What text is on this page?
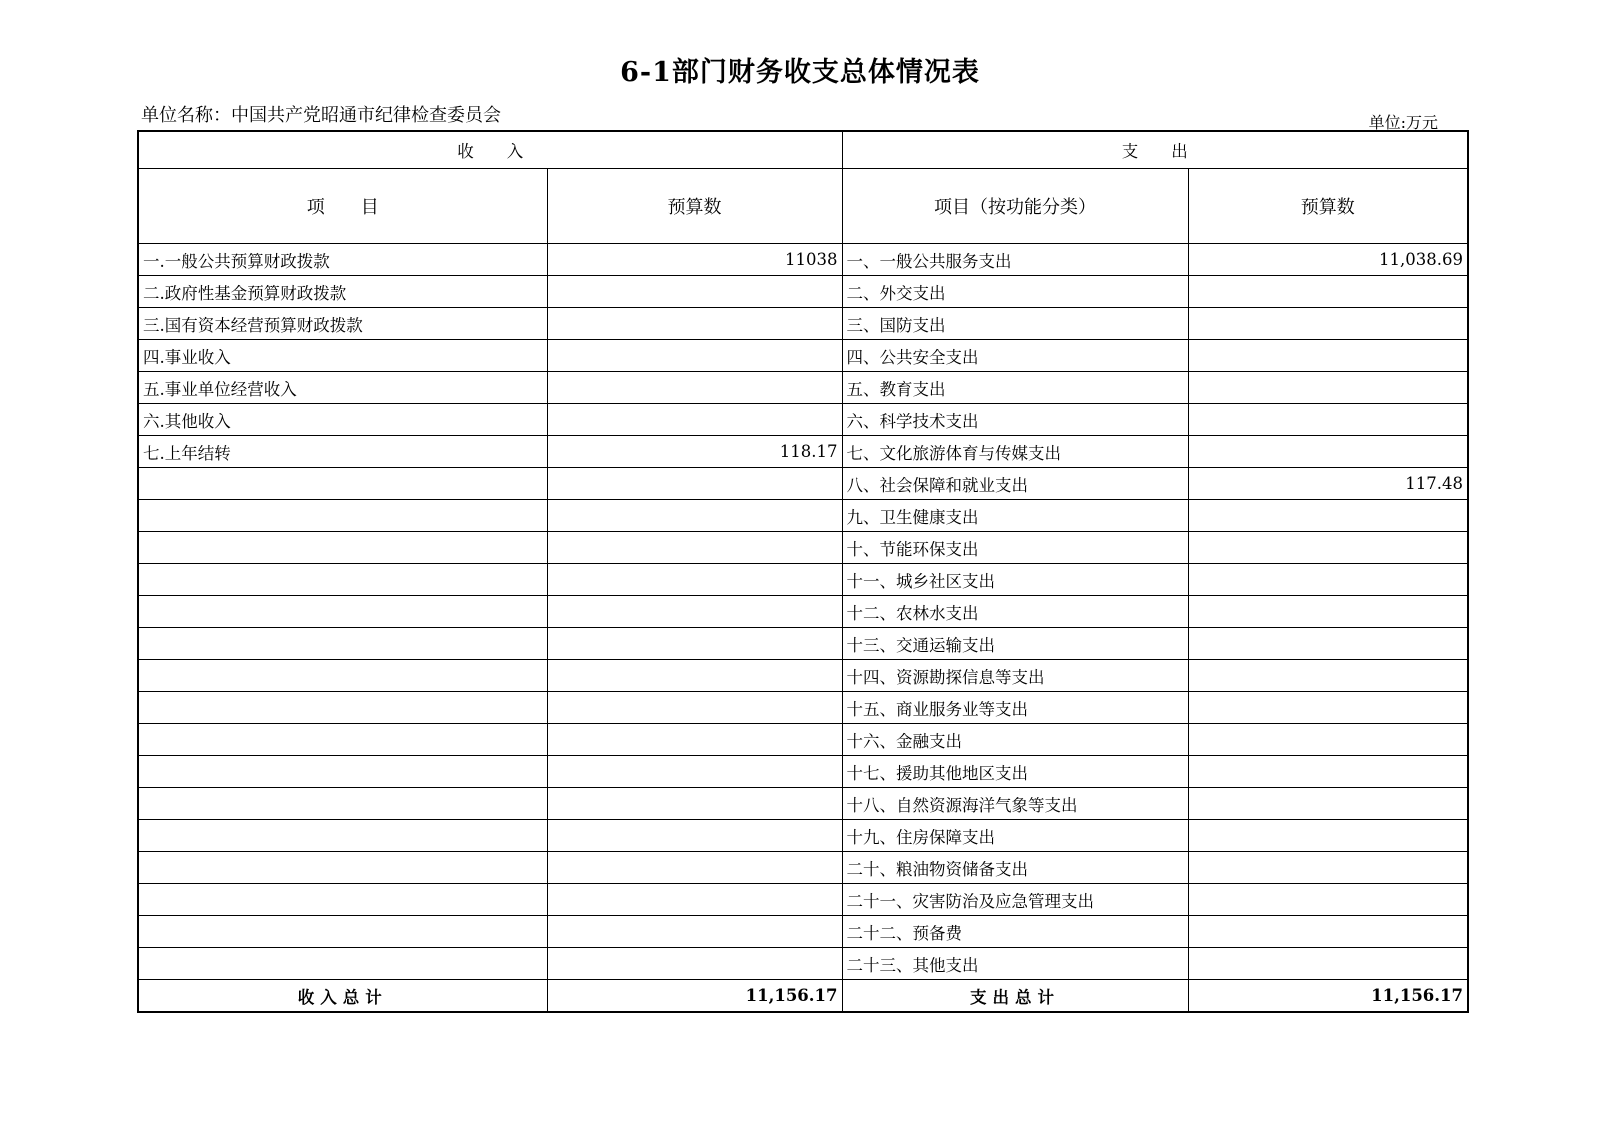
6-1部门财务收支总体情况表
单位名称：中国共产党昭通市纪律检查委员会	单位:万元
收　　入		支　　出	
项　　目	预算数	项目（按功能分类）	预算数
一.一般公共预算财政拨款	11038	一、一般公共服务支出	11,038.69
二.政府性基金预算财政拨款		二、外交支出	
三.国有资本经营预算财政拨款		三、国防支出	
四.事业收入		四、公共安全支出	
五.事业单位经营收入		五、教育支出	
六.其他收入		六、科学技术支出	
七.上年结转	118.17	七、文化旅游体育与传媒支出	
		八、社会保障和就业支出	117.48
		九、卫生健康支出	
		十、节能环保支出	
		十一、城乡社区支出	
		十二、农林水支出	
		十三、交通运输支出	
		十四、资源勘探信息等支出	
		十五、商业服务业等支出	
		十六、金融支出	
		十七、援助其他地区支出	
		十八、自然资源海洋气象等支出	
		十九、住房保障支出	
		二十、粮油物资储备支出	
		二十一、灾害防治及应急管理支出	
		二十二、预备费	
		二十三、其他支出	
收入总计	11,156.17	支出总计	11,156.17
